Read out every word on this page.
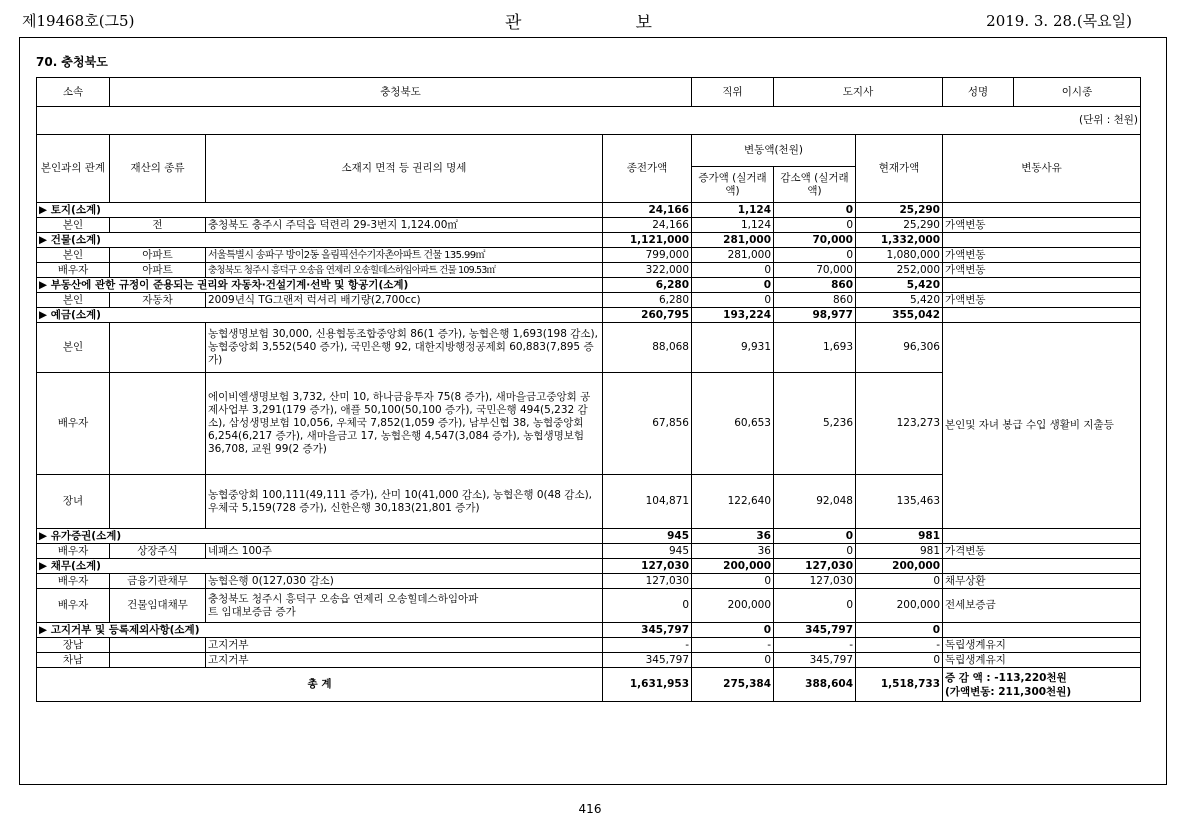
제19468호(그5)	관	보	2019. 3. 28.(목요일)
70. 충청북도
소속	충청북도			직위	도지사		성명 이시종

(단위 : 천원)							
본인과의 관계	재산의 종류	소재지 면적 등 권리의 명세	종전가액	변동액(천원)		현재가액	변동사유
				증가액 (실거래액)	감소액 (실거래액)		
▶ 토지(소계)			24,166	1,124	0	25,290	
본인	전	충청북도 충주시 주덕읍 덕련리 29-3번지 1,124.00㎡	24,166	1,124	0	25,290	가액변동
▶ 건물(소계)			1,121,000	281,000	70,000	1,332,000	
본인	아파트	서울특별시 송파구 방이2동 올림픽선수기자촌아파트 건물 135.99㎡	799,000	281,000	0	1,080,000	가액변동
배우자	아파트	충청북도 청주시 흥덕구 오송읍 연제리 오송힐데스하임아파트 건물 109.53㎡	322,000	0	70,000	252,000	가액변동
▶ 부동산에 관한 규정이 준용되는 권리와 자동차·건설기계·선박 및 항공기(소계)			6,280	0	860	5,420	
본인	자동차	2009년식 TG그랜저 럭셔리 배기량(2,700cc)	6,280	0	860	5,420	가액변동
▶ 예금(소계)			260,795	193,224	98,977	355,042	
본인		농협생명보험 30,000, 신용협동조합중앙회 86(1 증가), 농협은행 1,693(198 감소), 농협중앙회 3,552(540 증가), 국민은행 92, 대한지방행정공제회 60,883(7,895 증가)	88,068	9,931	1,693	96,306	본인및 자녀 봉급 수입 생활비 지출등
배우자		에이비엘생명보험 3,732, 산미 10, 하나금융투자 75(8 증가), 새마을금고중앙회 공제사업부 3,291(179 증가), 애플 50,100(50,100 증가), 국민은행 494(5,232 감소), 삼성생명보험 10,056, 우체국 7,852(1,059 증가), 남부신협 38, 농협중앙회 6,254(6,217 증가), 새마을금고 17, 농협은행 4,547(3,084 증가), 농협생명보험 36,708, 교원 99(2 증가)	67,856	60,653	5,236	123,273	
장녀		농협중앙회 100,111(49,111 증가), 산미 10(41,000 감소), 농협은행 0(48 감소), 우체국 5,159(728 증가), 신한은행 30,183(21,801 증가)	104,871	122,640	92,048	135,463	
▶ 유가증권(소계)			945	36	0	981	
배우자	상장주식	네패스 100주	945	36	0	981	가격변동
▶ 채무(소계)			127,030	200,000	127,030	200,000	
배우자	금융기관채무	농협은행 0(127,030 감소)	127,030	0	127,030	0	채무상환
배우자	건물임대채무	충청북도 청주시 흥덕구 오송읍 연제리 오송힐데스하임아파트 임대보증금 증가	0	200,000	0	200,000	전세보증금
▶ 고지거부 및 등록제외사항(소계)			345,797	0	345,797	0	
장남		고지거부	-	-	-	-	독립생계유지
차남		고지거부	345,797	0	345,797	0	독립생계유지
총 계			1,631,953	275,384	388,604	1,518,733	증 감 액 : -113,220천원
(가액변동: 211,300천원)
416
